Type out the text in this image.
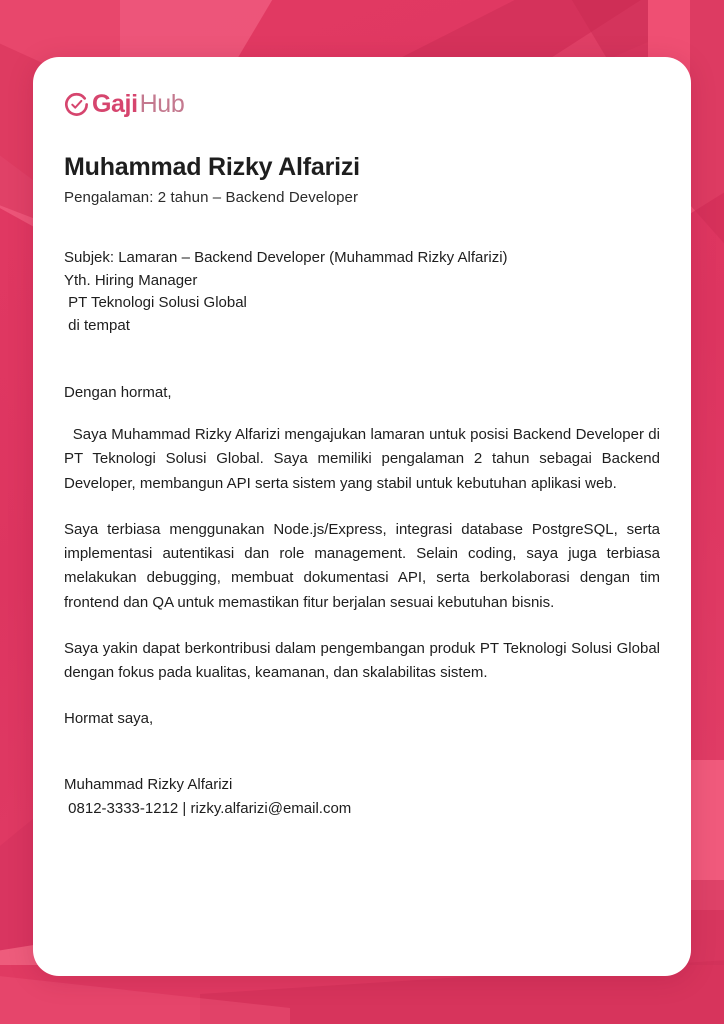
Gaji Hub
Muhammad Rizky Alfarizi
Pengalaman: 2 tahun – Backend Developer
Subjek: Lamaran – Backend Developer (Muhammad Rizky Alfarizi)
Yth. Hiring Manager
PT Teknologi Solusi Global
di tempat
Dengan hormat,

Saya Muhammad Rizky Alfarizi mengajukan lamaran untuk posisi Backend Developer di PT Teknologi Solusi Global. Saya memiliki pengalaman 2 tahun sebagai Backend Developer, membangun API serta sistem yang stabil untuk kebutuhan aplikasi web.

Saya terbiasa menggunakan Node.js/Express, integrasi database PostgreSQL, serta implementasi autentikasi dan role management. Selain coding, saya juga terbiasa melakukan debugging, membuat dokumentasi API, serta berkolaborasi dengan tim frontend dan QA untuk memastikan fitur berjalan sesuai kebutuhan bisnis.

Saya yakin dapat berkontribusi dalam pengembangan produk PT Teknologi Solusi Global dengan fokus pada kualitas, keamanan, dan skalabilitas sistem.

Hormat saya,
Muhammad Rizky Alfarizi
0812-3333-1212 | rizky.alfarizi@email.com
